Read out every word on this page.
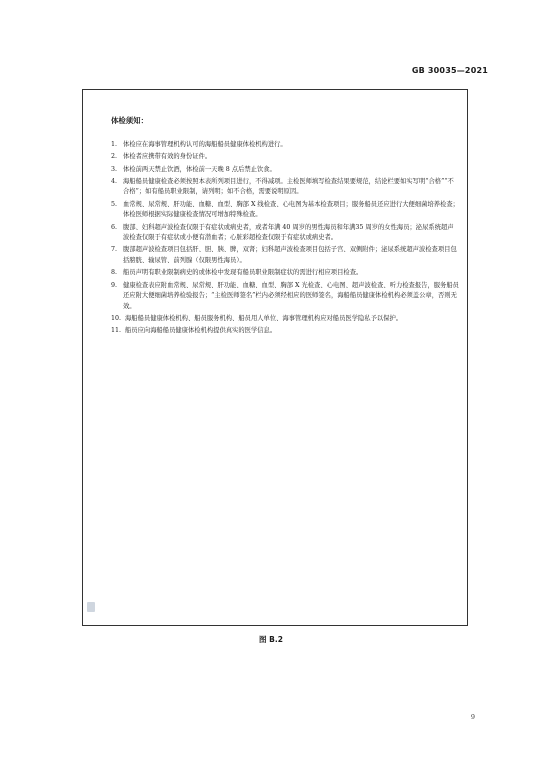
GB 30035—2021
体检须知：
1. 体检应在海事管理机构认可的海船船员健康体检机构进行。
2. 体检者应携带有效的身份证件。
3. 体检前两天禁止饮酒，体检前一天晚 8 点后禁止饮食。
4. 海船船员健康检查必须按照本表所列项目进行，不得减项。主检医师填写检查结果要规范，结论栏要如实写明“合格”“不合格”；如有船员职业限制，请列明；如不合格，需要说明原因。
5. 血常规、尿常规、肝功能、血糖、血型、胸部 X 线检查、心电图为基本检查项目；服务船员还应进行大便细菌培养检查；体检医师根据实际健康检查情况可增加特殊检查。
6. 腹部、妇科超声波检查仅限于有症状或病史者，或者年满 40 周岁的男性海员和年满35 周岁的女性海员；泌尿系统超声波检查仅限于有症状或小便有潜血者；心脏彩超检查仅限于有症状或病史者。
7. 腹部超声波检查项目包括肝、胆、胰、脾，双肾；妇科超声波检查项目包括子宫、双侧附件；泌尿系统超声波检查项目包括膀胱、输尿管、前列腺（仅限男性海员）。
8. 船员声明有职业限制病史的或体检中发现有船员职业限制症状的需进行相应项目检查。
9. 健康检查表应附血常规、尿常规、肝功能、血糖、血型、胸部 X 光检查、心电图、超声波检查、听力检查报告，服务船员还应附大便细菌培养检验报告；“主检医师签名”栏内必须经相应的医师签名，海船船员健康体检机构必须盖公章，否则无效。
10. 海船船员健康体检机构、船员服务机构、船员用人单位、海事管理机构应对船员医学隐私予以保护。
11. 船员应向海船船员健康体检机构提供真实的医学信息。
图 B.2
9
